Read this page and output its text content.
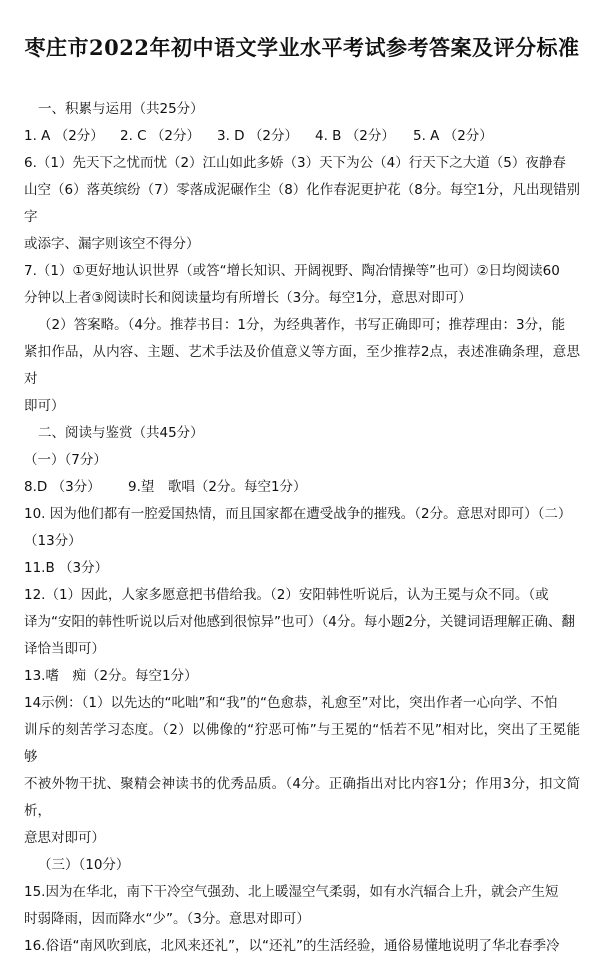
枣庄市2022年初中语文学业水平考试参考答案及评分标准

一、积累与运用（共25分）

1. A （2分）	2. C （2分）	3. D （2分）	4. B （2分）	5. A （2分）

6.（1）先天下之忧而忧（2）江山如此多娇（3）天下为公（4）行天下之大道（5）夜静春

山空（6）落英缤纷（7）零落成泥碾作尘（8）化作春泥更护花（8分。每空1分，凡出现错别字

或添字、漏字则该空不得分）

7.（1）①更好地认识世界（或答“增长知识、开阔视野、陶冶情操等”也可）②日均阅读60

分钟以上者③阅读时长和阅读量均有所增长（3分。每空1分，意思对即可）

（2）答案略。（4分。推荐书目：1分，为经典著作，书写正确即可；推荐理由：3分，能

紧扣作品，从内容、主题、艺术手法及价值意义等方面，至少推荐2点，表述准确条理，意思对

即可）

二、阅读与鉴赏（共45分）

（一）（7分）

8.D （3分） 9.望　歌唱（2分。每空1分）

10. 因为他们都有一腔爱国热情，而且国家都在遭受战争的摧残。（2分。意思对即可）（二）

（13分）

11.B （3分）

12.（1）因此，人家多愿意把书借给我。（2）安阳韩性听说后，认为王冕与众不同。（或

译为“安阳的韩性听说以后对他感到很惊异”也可）（4分。每小题2分，关键词语理解正确、翻

译恰当即可）

13.嗜　痴（2分。每空1分）

14示例：（1）以先达的“叱咄”和“我”的“色愈恭，礼愈至”对比，突出作者一心向学、不怕

训斥的刻苦学习态度。（2）以佛像的“狞恶可怖”与王冕的“恬若不见”相对比，突出了王冕能够

不被外物干扰、聚精会神读书的优秀品质。（4分。正确指出对比内容1分；作用3分，扣文简析，

意思对即可）

（三）（10分）

15.因为在华北，南下干冷空气强劲、北上暖湿空气柔弱，如有水汽辐合上升，就会产生短

时弱降雨，因而降水“少”。（3分。意思对即可）

16.俗语“南风吹到底，北风来还礼”，以“还礼”的生活经验，通俗易懂地说明了华北春季冷
